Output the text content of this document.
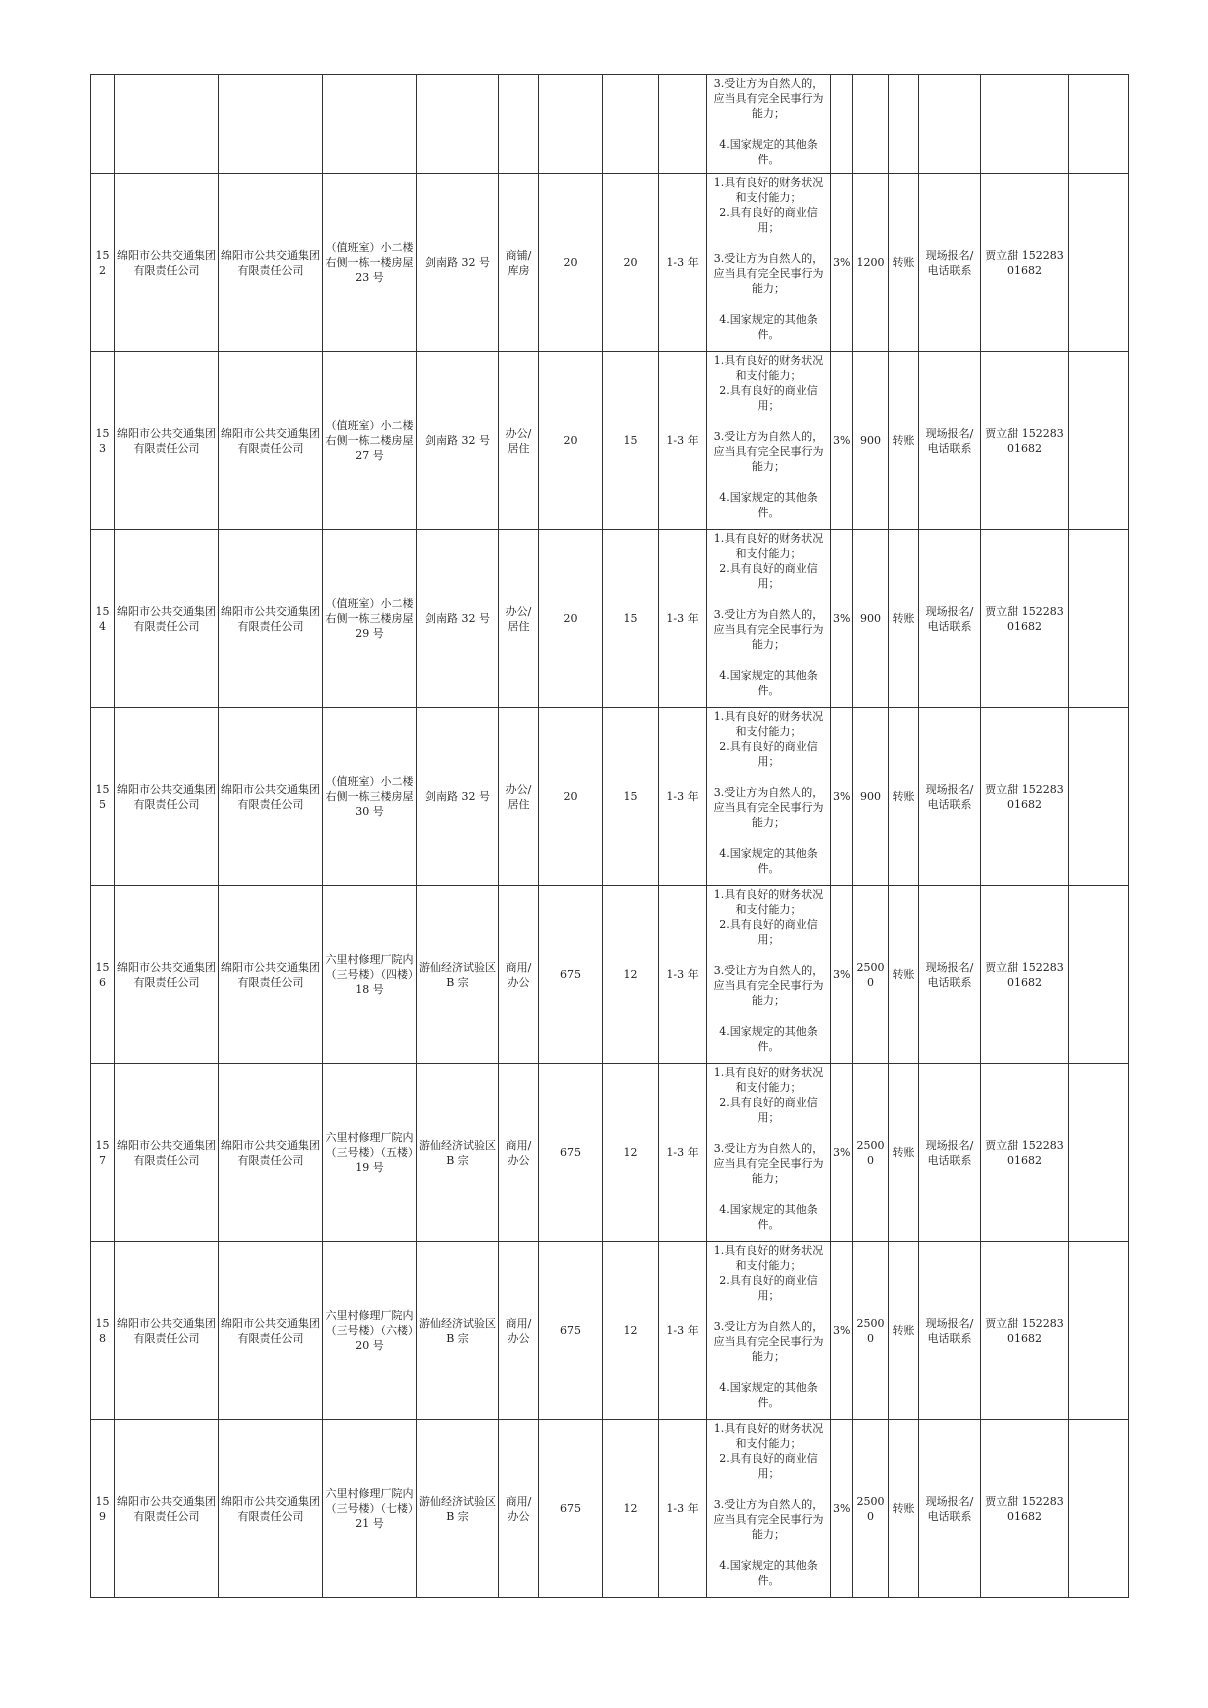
									3.受让方为自然人的，应当具有完全民事行为能力；
4.国家规定的其他条件。						

152	绵阳市公共交通集团有限责任公司	绵阳市公共交通集团有限责任公司	（值班室）小二楼右侧一栋一楼房屋 23 号	剑南路 32 号	商铺/库房	20	20	1-3 年	1.具有良好的财务状况和支付能力；
2.具有良好的商业信用；
3.受让方为自然人的，应当具有完全民事行为能力；
4.国家规定的其他条件。	3%	1200	转账	现场报名/电话联系	贾立甜 15228301682	
153	绵阳市公共交通集团有限责任公司	绵阳市公共交通集团有限责任公司	（值班室）小二楼右侧一栋二楼房屋 27 号	剑南路 32 号	办公/居住	20	15	1-3 年	1.具有良好的财务状况和支付能力；
2.具有良好的商业信用；
3.受让方为自然人的，应当具有完全民事行为能力；
4.国家规定的其他条件。	3%	900	转账	现场报名/电话联系	贾立甜 15228301682	
154	绵阳市公共交通集团有限责任公司	绵阳市公共交通集团有限责任公司	（值班室）小二楼右侧一栋三楼房屋 29 号	剑南路 32 号	办公/居住	20	15	1-3 年	1.具有良好的财务状况和支付能力；
2.具有良好的商业信用；
3.受让方为自然人的，应当具有完全民事行为能力；
4.国家规定的其他条件。	3%	900	转账	现场报名/电话联系	贾立甜 15228301682	
155	绵阳市公共交通集团有限责任公司	绵阳市公共交通集团有限责任公司	（值班室）小二楼右侧一栋三楼房屋 30 号	剑南路 32 号	办公/居住	20	15	1-3 年	1.具有良好的财务状况和支付能力；
2.具有良好的商业信用；
3.受让方为自然人的，应当具有完全民事行为能力；
4.国家规定的其他条件。	3%	900	转账	现场报名/电话联系	贾立甜 15228301682	
156	绵阳市公共交通集团有限责任公司	绵阳市公共交通集团有限责任公司	六里村修理厂院内（三号楼）（四楼）18 号	游仙经济试验区 B 宗	商用/办公	675	12	1-3 年	1.具有良好的财务状况和支付能力；
2.具有良好的商业信用；
3.受让方为自然人的，应当具有完全民事行为能力；
4.国家规定的其他条件。	3%	25000	转账	现场报名/电话联系	贾立甜 15228301682	
157	绵阳市公共交通集团有限责任公司	绵阳市公共交通集团有限责任公司	六里村修理厂院内（三号楼）（五楼）19 号	游仙经济试验区 B 宗	商用/办公	675	12	1-3 年	1.具有良好的财务状况和支付能力；
2.具有良好的商业信用；
3.受让方为自然人的，应当具有完全民事行为能力；
4.国家规定的其他条件。	3%	25000	转账	现场报名/电话联系	贾立甜 15228301682	
158	绵阳市公共交通集团有限责任公司	绵阳市公共交通集团有限责任公司	六里村修理厂院内（三号楼）（六楼）20 号	游仙经济试验区 B 宗	商用/办公	675	12	1-3 年	1.具有良好的财务状况和支付能力；
2.具有良好的商业信用；
3.受让方为自然人的，应当具有完全民事行为能力；
4.国家规定的其他条件。	3%	25000	转账	现场报名/电话联系	贾立甜 15228301682	
159	绵阳市公共交通集团有限责任公司	绵阳市公共交通集团有限责任公司	六里村修理厂院内（三号楼）（七楼）21 号	游仙经济试验区 B 宗	商用/办公	675	12	1-3 年	1.具有良好的财务状况和支付能力；
2.具有良好的商业信用；
3.受让方为自然人的，应当具有完全民事行为能力；
4.国家规定的其他条件。	3%	25000	转账	现场报名/电话联系	贾立甜 15228301682	
